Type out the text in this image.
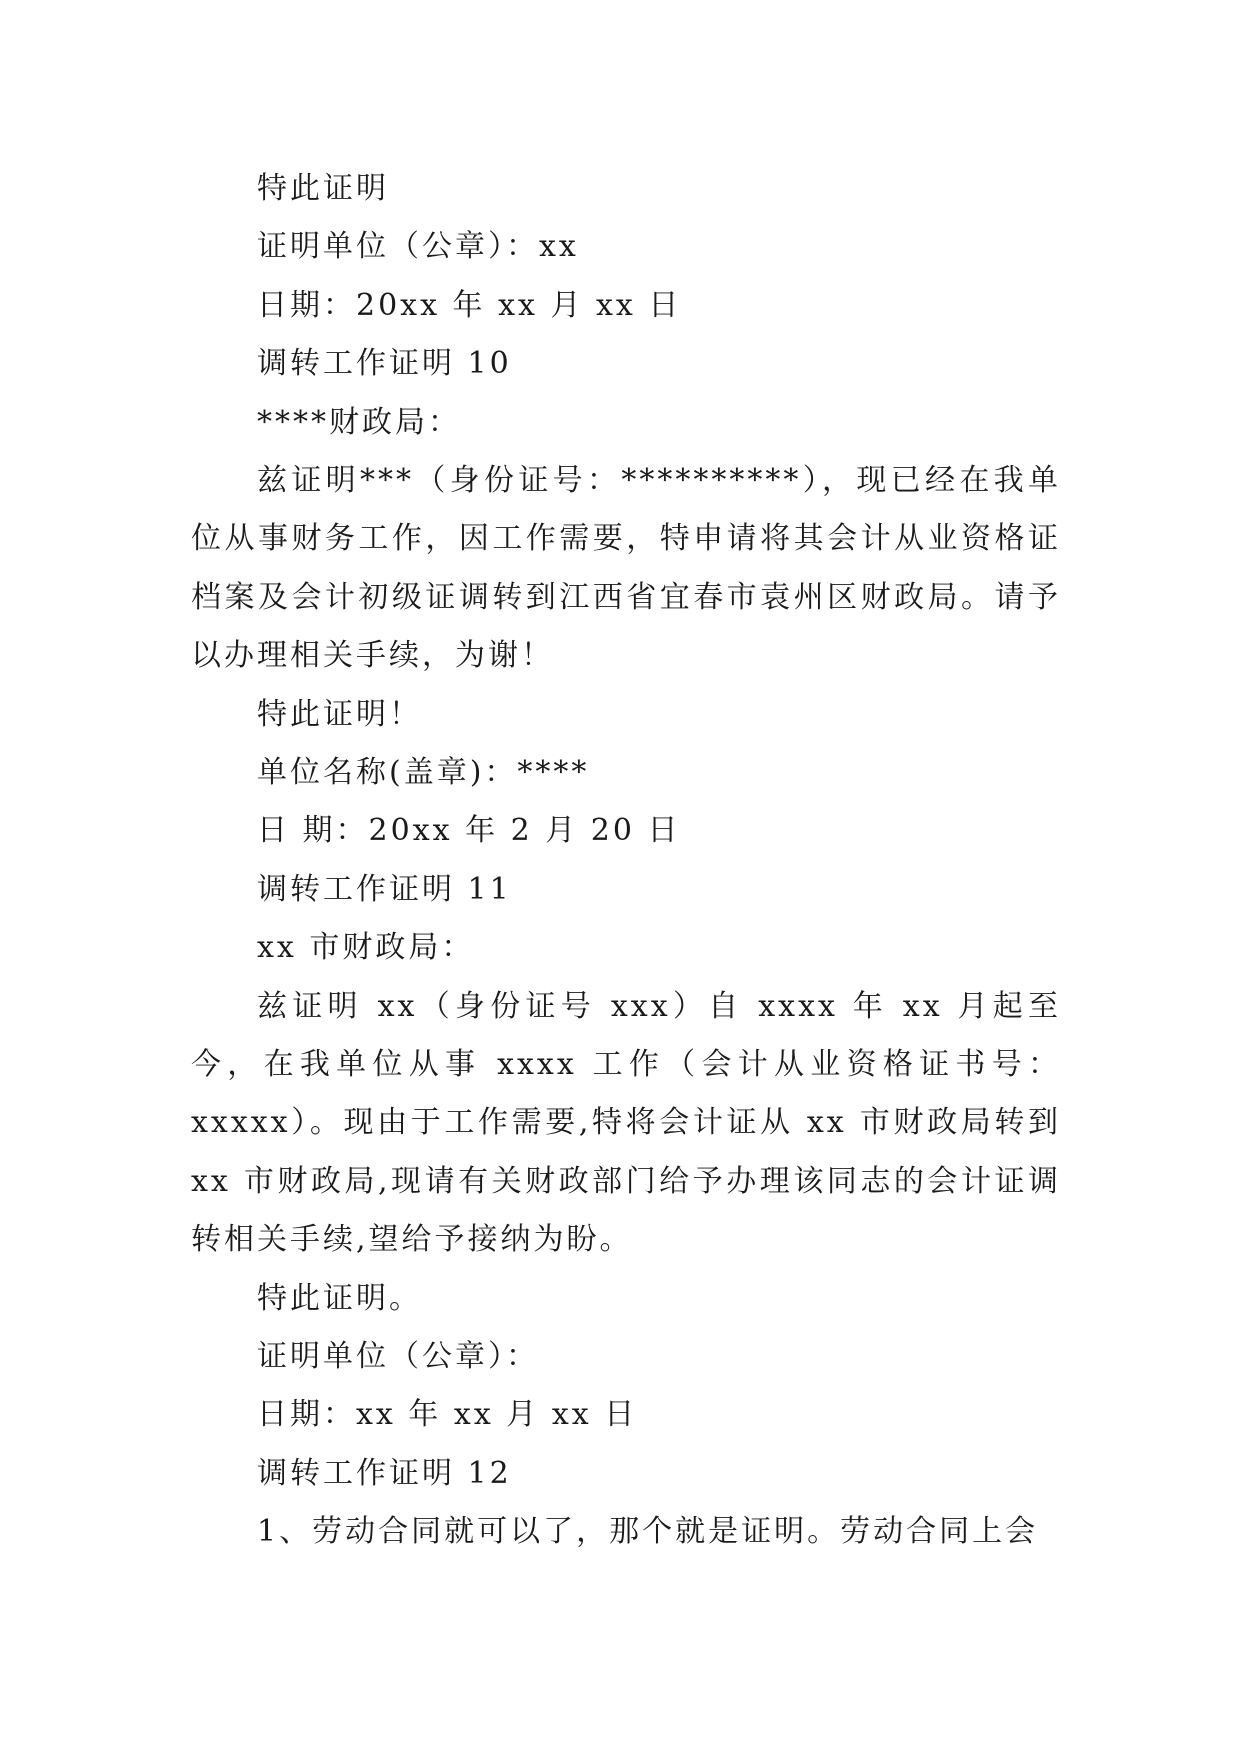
特此证明
证明单位（公章）：xx
日期：20xx 年 xx 月 xx 日
调转工作证明 10
****财政局：
兹证明***（身份证号：**********），现已经在我单位从事财务工作，因工作需要，特申请将其会计从业资格证档案及会计初级证调转到江西省宜春市袁州区财政局。请予以办理相关手续，为谢！
特此证明！
单位名称(盖章)：****
日 期：20xx 年 2 月 20 日
调转工作证明 11
xx 市财政局：
兹证明 xx（身份证号 xxx）自 xxxx 年 xx 月起至今，在我单位从事 xxxx 工作（会计从业资格证书号：xxxxx）。现由于工作需要,特将会计证从 xx 市财政局转到 xx 市财政局,现请有关财政部门给予办理该同志的会计证调转相关手续,望给予接纳为盼。
特此证明。
证明单位（公章）：
日期：xx 年 xx 月 xx 日
调转工作证明 12
1、劳动合同就可以了，那个就是证明。劳动合同上会
